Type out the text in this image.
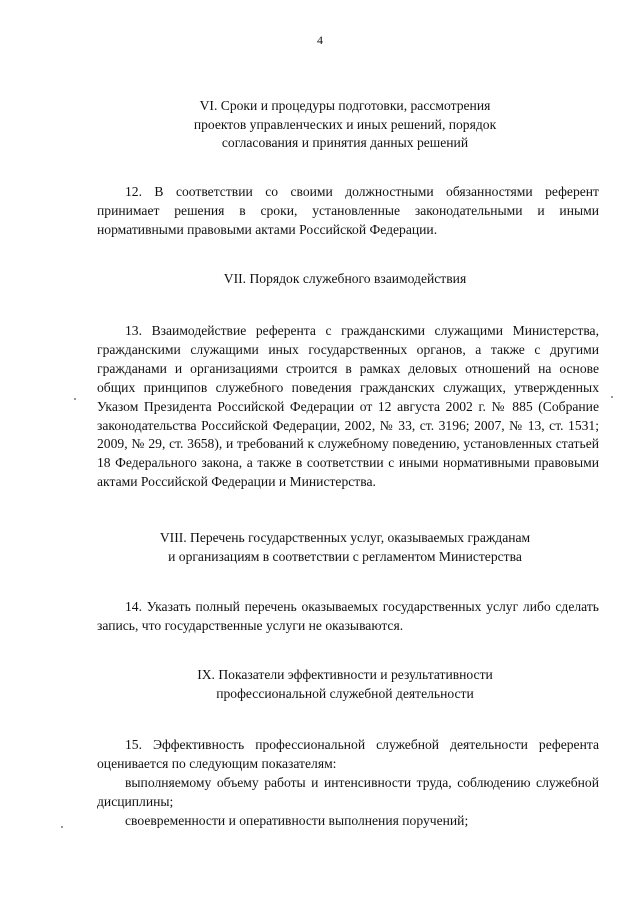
4
VI. Сроки и процедуры подготовки, рассмотрения
проектов управленческих и иных решений, порядок
согласования и принятия данных решений
12. В соответствии со своими должностными обязанностями референт принимает решения в сроки, установленные законодательными и иными нормативными правовыми актами Российской Федерации.
VII. Порядок служебного взаимодействия
13. Взаимодействие референта с гражданскими служащими Министерства, гражданскими служащими иных государственных органов, а также с другими гражданами и организациями строится в рамках деловых отношений на основе общих принципов служебного поведения гражданских служащих, утвержденных Указом Президента Российской Федерации от 12 августа 2002 г. № 885 (Собрание законодательства Российской Федерации, 2002, № 33, ст. 3196; 2007, № 13, ст. 1531; 2009, № 29, ст. 3658), и требований к служебному поведению, установленных статьей 18 Федерального закона, а также в соответствии с иными нормативными правовыми актами Российской Федерации и Министерства.
VIII. Перечень государственных услуг, оказываемых гражданам
и организациям в соответствии с регламентом Министерства
14. Указать полный перечень оказываемых государственных услуг либо сделать запись, что государственные услуги не оказываются.
IX. Показатели эффективности и результативности
профессиональной служебной деятельности
15. Эффективность профессиональной служебной деятельности референта оценивается по следующим показателям:
выполняемому объему работы и интенсивности труда, соблюдению служебной дисциплины;
своевременности и оперативности выполнения поручений;
